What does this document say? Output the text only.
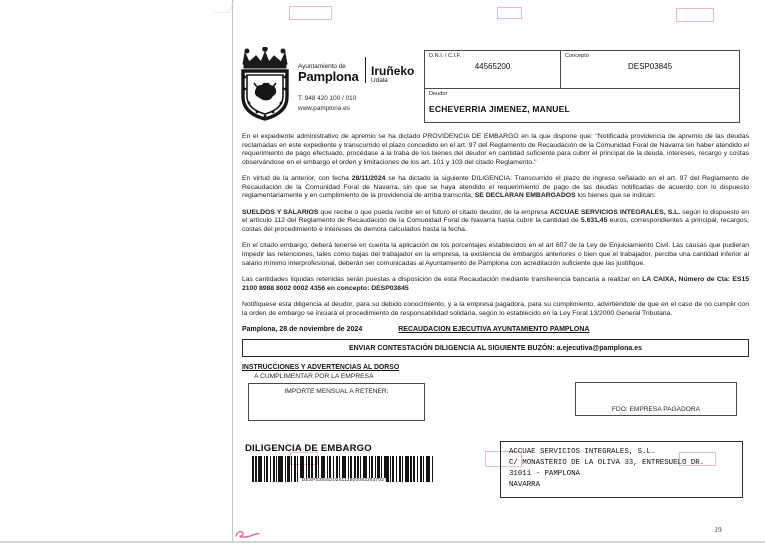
Ayuntamiento de
Pamplona Iruñeko
Udala
T. 948 420 100 / 010
www.pamplona.es
D.N.I. / C.I.F.
44565200
Concepto
DESP03845
Deudor
ECHEVERRIA JIMENEZ, MANUEL

En el expediente administrativo de apremio se ha dictado PROVIDENCIA DE EMBARGO en la que dispone que: "Notificada providencia de apremio de las deudas reclamadas en este expediente y transcurrido el plazo concedido en el art. 97 del Reglamento de Recaudación de la Comunidad Foral de Navarra sin haber atendido el requerimiento de pago efectuado, procédase a la traba de los bienes del deudor en cantidad suficiente para cubrir el principal de la deuda, intereses, recargo y costas observándose en el embargo el orden y limitaciones de los art. 101 y 103 del citado Reglamento."

En virtud de la anterior, con fecha 28/11/2024 se ha dictado la siguiente DILIGENCIA: Transcurrido el plazo de ingreso señalado en el art. 97 del Reglamento de Recaudación de la Comunidad Foral de Navarra, sin que se haya atendido el requerimiento de pago de las deudas notificadas de acuerdo con lo dispuesto reglamentariamente y en cumplimiento de la providencia de arriba transcrita, SE DECLARAN EMBARGADOS los bienes que se indican:

SUELDOS Y SALARIOS que recibe o que pueda recibir en el futuro el citado deudor, de la empresa ACCUAE SERVICIOS INTEGRALES, S.L. según lo dispuesto en el artículo 112 del Reglamento de Recaudación de la Comunidad Foral de Navarra hasta cubrir la cantidad de 5.631,45 euros, correspondientes a principal, recargos, costas del procedimiento e intereses de demora calculados hasta la fecha.

En el citado embargo, deberá tenerse en cuenta la aplicación de los porcentajes establecidos en el art 607 de la Ley de Enjuiciamiento Civil. Las causas que pudieran impedir las retenciones, tales como bajas del trabajador en la empresa, la existencia de embargos anteriores o bien que el trabajador, perciba una cantidad inferior al salario mínimo interprofesional, deberán ser comunicadas al Ayuntamiento de Pamplona con acreditación suficiente que las justifique.

Las cantidades líquidas retenidas serán puestas a disposición de esta Recaudación mediante transferencia bancaria a realizar en LA CAIXA, Número de Cta: ES15 2100 8988 8002 0002 4356 en concepto: DESP03845

Notifíquese esta diligencia al deudor, para su debido conocimiento, y a la empresa pagadora, para su cumplimiento, advirtiéndole de que en el caso de no cumplir con la orden de embargo se iniciará el procedimiento de responsabilidad solidaria, según lo establecido en la Ley Foral 13/2000 General Tributaria.

Pamplona, 28 de noviembre de 2024	RECAUDACION EJECUTIVA AYUNTAMIENTO PAMPLONA
ENVIAR CONTESTACIÓN DILIGENCIA AL SIGUIENTE BUZÓN: a.ejecutiva@pamplona.es
INSTRUCCIONES Y ADVERTENCIAS AL DORSO
A CUMPLIMENTAR POR LA EMPRESA
IMPORTE MENSUAL A RETENER:
FDO: EMPRESA PAGADORA
DILIGENCIA DE EMBARGO
DESP038452024112800093263702
ACCUAE SERVICIOS INTEGRALES, S.L.
C/ MONASTERIO DE LA OLIVA 33, ENTRESUELO DR.
31011 - PAMPLONA
NAVARRA
19
